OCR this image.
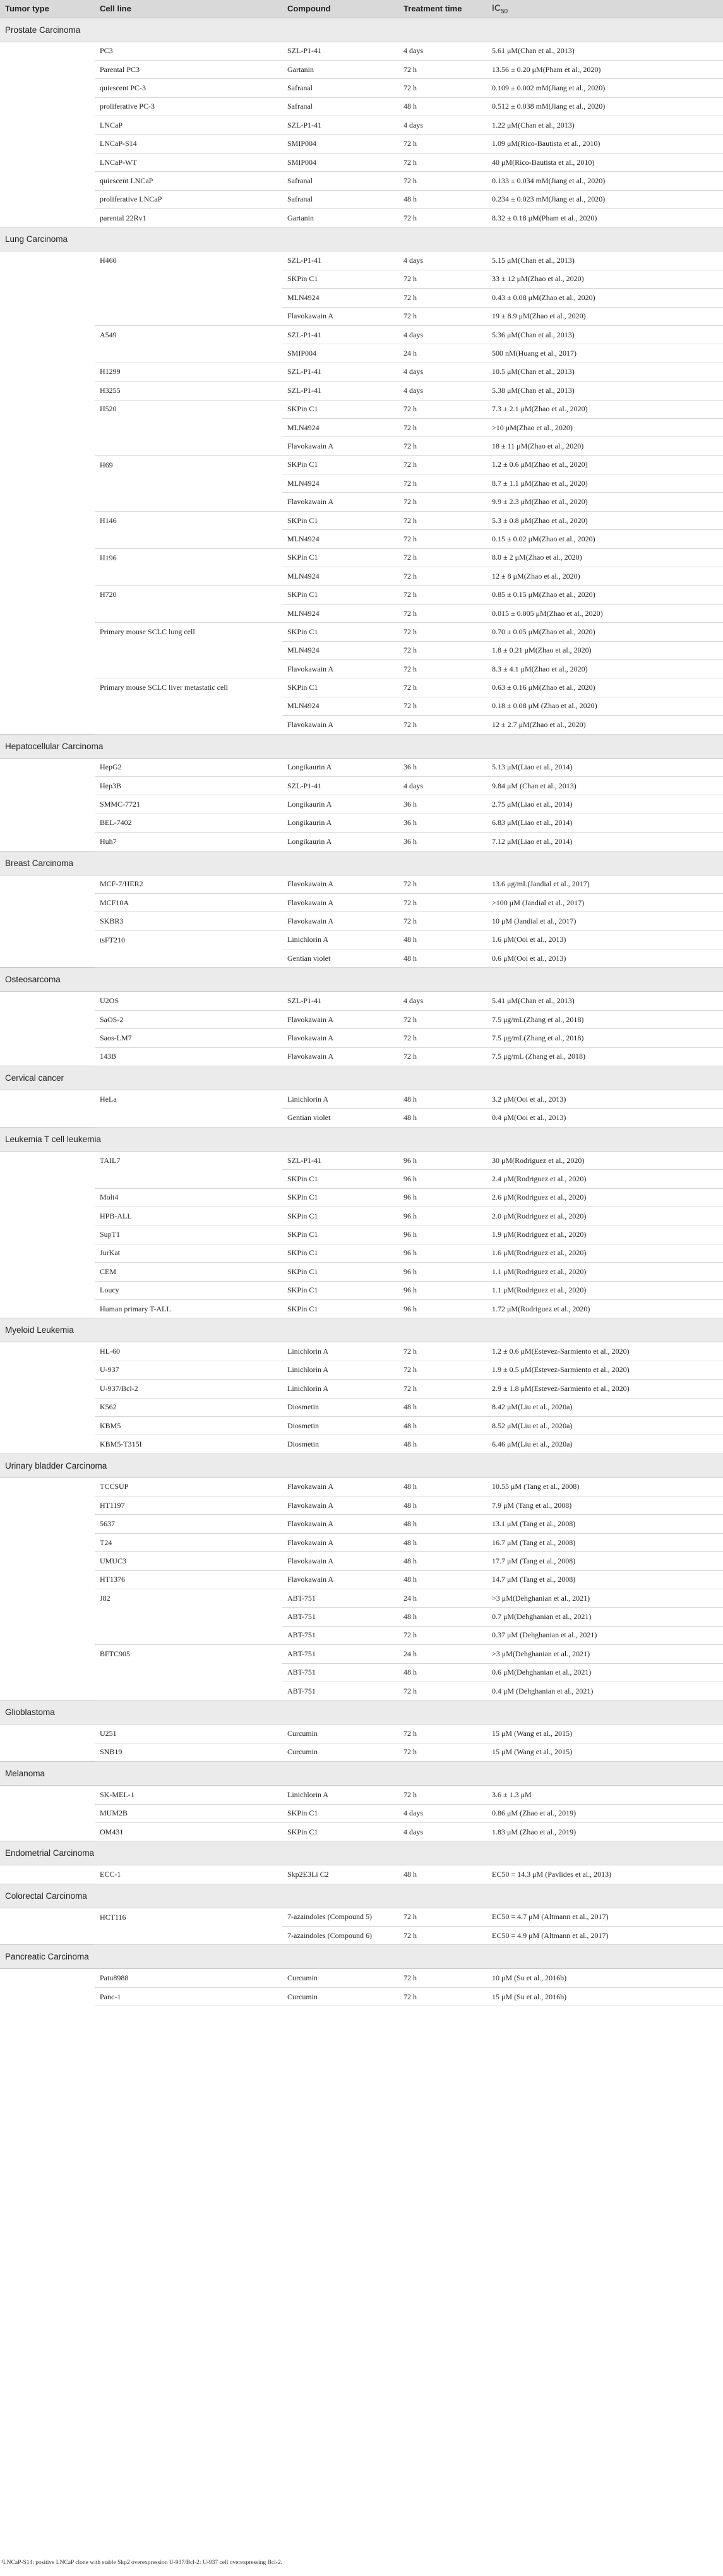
Tumor type	Cell line	Compound	Treatment time	$IC_{50}$
Prostate Carcinoma				
	PC3	SZL-P1-41	4 days	5.61 μM(Chan et al., 2013)
	Parental PC3	Gartanin	72 h	13.56 ± 0.20 μM(Pham et al., 2020)
	quiescent PC-3	Safranal	72 h	0.109 ± 0.002 mM(Jiang et al., 2020)
	proliferative PC-3	Safranal	48 h	0.512 ± 0.038 mM(Jiang et al., 2020)
	LNCaP	SZL-P1-41	4 days	1.22 μM(Chan et al., 2013)
	LNCaP-S14	SMIP004	72 h	1.09 μM(Rico-Bautista et al., 2010)
	LNCaP-WT	SMIP004	72 h	40 μM(Rico-Bautista et al., 2010)
	quiescent LNCaP	Safranal	72 h	0.133 ± 0.034 mM(Jiang et al., 2020)
	proliferative LNCaP	Safranal	48 h	0.234 ± 0.023 mM(Jiang et al., 2020)
	parental 22Rv1	Gartanin	72 h	8.32 ± 0.18 μM(Pham et al., 2020)
Lung Carcinoma				
	H460	SZL-P1-41	4 days	5.15 μM(Chan et al., 2013)
		SKPin C1	72 h	33 ± 12 μM(Zhao et al., 2020)
		MLN4924	72 h	0.43 ± 0.08 μM(Zhao et al., 2020)
		Flavokawain A	72 h	19 ± 8.9 μM(Zhao et al., 2020)
	A549	SZL-P1-41	4 days	5.36 μM(Chan et al., 2013)
		SMIP004	24 h	500 nM(Huang et al., 2017)
	H1299	SZL-P1-41	4 days	10.5 μM(Chan et al., 2013)
	H3255	SZL-P1-41	4 days	5.38 μM(Chan et al., 2013)
	H520	SKPin C1	72 h	7.3 ± 2.1 μM(Zhao et al., 2020)
		MLN4924	72 h	>10 μM(Zhao et al., 2020)
		Flavokawain A	72 h	18 ± 11 μM(Zhao et al., 2020)
	H69	SKPin C1	72 h	1.2 ± 0.6 μM(Zhao et al., 2020)
		MLN4924	72 h	8.7 ± 1.1 μM(Zhao et al., 2020)
		Flavokawain A	72 h	9.9 ± 2.3 μM(Zhao et al., 2020)
	H146	SKPin C1	72 h	5.3 ± 0.8 μM(Zhao et al., 2020)
		MLN4924	72 h	0.15 ± 0.02 μM(Zhao et al., 2020)
	H196	SKPin C1	72 h	8.0 ± 2 μM(Zhao et al., 2020)
		MLN4924	72 h	12 ± 8 μM(Zhao et al., 2020)
	H720	SKPin C1	72 h	0.85 ± 0.15 μM(Zhao et al., 2020)
		MLN4924	72 h	0.015 ± 0.005 μM(Zhao et al., 2020)
	Primary mouse SCLC lung cell	SKPin C1	72 h	0.70 ± 0.05 μM(Zhao et al., 2020)
		MLN4924	72 h	1.8 ± 0.21 μM(Zhao et al., 2020)
		Flavokawain A	72 h	8.3 ± 4.1 μM(Zhao et al., 2020)
	Primary mouse SCLC liver metastatic cell	SKPin C1	72 h	0.63 ± 0.16 μM(Zhao et al., 2020)
		MLN4924	72 h	0.18 ± 0.08 μM (Zhao et al., 2020)
		Flavokawain A	72 h	12 ± 2.7 μM(Zhao et al., 2020)
Hepatocellular Carcinoma				
	HepG2	Longikaurin A	36 h	5.13 μM(Liao et al., 2014)
	Hep3B	SZL-P1-41	4 days	9.84 μM (Chan et al., 2013)
	SMMC-7721	Longikaurin A	36 h	2.75 μM(Liao et al., 2014)
	BEL-7402	Longikaurin A	36 h	6.83 μM(Liao et al., 2014)
	Huh7	Longikaurin A	36 h	7.12 μM(Liao et al., 2014)
Breast Carcinoma				
	MCF-7/HER2	Flavokawain A	72 h	13.6 μg/mL(Jandial et al., 2017)
	MCF10A	Flavokawain A	72 h	>100 μM (Jandial et al., 2017)
	SKBR3	Flavokawain A	72 h	10 μM (Jandial et al., 2017)
	tsFT210	Linichlorin A	48 h	1.6 μM(Ooi et al., 2013)
		Gentian violet	48 h	0.6 μM(Ooi et al., 2013)
Osteosarcoma				
	U2OS	SZL-P1-41	4 days	5.41 μM(Chan et al., 2013)
	SaOS-2	Flavokawain A	72 h	7.5 μg/mL(Zhang et al., 2018)
	Saos-LM7	Flavokawain A	72 h	7.5 μg/mL(Zhang et al., 2018)
	143B	Flavokawain A	72 h	7.5 μg/mL (Zhang et al., 2018)
Cervical cancer				
	HeLa	Linichlorin A	48 h	3.2 μM(Ooi et al., 2013)
		Gentian violet	48 h	0.4 μM(Ooi et al., 2013)
Leukemia T cell leukemia				
	TAIL7	SZL-P1-41	96 h	30 μM(Rodriguez et al., 2020)
		SKPin C1	96 h	2.4 μM(Rodriguez et al., 2020)
	Molt4	SKPin C1	96 h	2.6 μM(Rodriguez et al., 2020)
	HPB-ALL	SKPin C1	96 h	2.0 μM(Rodriguez et al., 2020)
	SupT1	SKPin C1	96 h	1.9 μM(Rodriguez et al., 2020)
	JurKat	SKPin C1	96 h	1.6 μM(Rodriguez et al., 2020)
	CEM	SKPin C1	96 h	1.1 μM(Rodriguez et al., 2020)
	Loucy	SKPin C1	96 h	1.1 μM(Rodriguez et al., 2020)
	Human primary T-ALL	SKPin C1	96 h	1.72 μM(Rodriguez et al., 2020)
Myeloid Leukemia				
	HL-60	Linichlorin A	72 h	1.2 ± 0.6 μM(Estevez-Sarmiento et al., 2020)
	U-937	Linichlorin A	72 h	1.9 ± 0.5 μM(Estevez-Sarmiento et al., 2020)
	U-937/Bcl-2	Linichlorin A	72 h	2.9 ± 1.8 μM(Estevez-Sarmiento et al., 2020)
	K562	Diosmetin	48 h	8.42 μM(Liu et al., 2020a)
	KBM5	Diosmetin	48 h	8.52 μM(Liu et al., 2020a)
	KBM5-T315I	Diosmetin	48 h	6.46 μM(Liu et al., 2020a)
Urinary bladder Carcinoma				
	TCCSUP	Flavokawain A	48 h	10.55 μM (Tang et al., 2008)
	HT1197	Flavokawain A	48 h	7.9 μM (Tang et al., 2008)
	5637	Flavokawain A	48 h	13.1 μM (Tang et al., 2008)
	T24	Flavokawain A	48 h	16.7 μM (Tang et al., 2008)
	UMUC3	Flavokawain A	48 h	17.7 μM (Tang et al., 2008)
	HT1376	Flavokawain A	48 h	14.7 μM (Tang et al., 2008)
	J82	ABT-751	24 h	>3 μM(Dehghanian et al., 2021)
		ABT-751	48 h	0.7 μM(Dehghanian et al., 2021)
		ABT-751	72 h	0.37 μM (Dehghanian et al., 2021)
	BFTC905	ABT-751	24 h	>3 μM(Dehghanian et al., 2021)
		ABT-751	48 h	0.6 μM(Dehghanian et al., 2021)
		ABT-751	72 h	0.4 μM (Dehghanian et al., 2021)
Glioblastoma				
	U251	Curcumin	72 h	15 μM (Wang et al., 2015)
	SNB19	Curcumin	72 h	15 μM (Wang et al., 2015)
Melanoma				
	SK-MEL-1	Linichlorin A	72 h	3.6 ± 1.3 μM
	MUM2B	SKPin C1	4 days	0.86 μM (Zhao et al., 2019)
	OM431	SKPin C1	4 days	1.83 μM (Zhao et al., 2019)
Endometrial Carcinoma				
	ECC-1	Skp2E3Li C2	48 h	EC50 = 14.3 μM (Pavlides et al., 2013)
Colorectal Carcinoma				
	HCT116	7-azaindoles (Compound 5)	72 h	EC50 = 4.7 μM (Altmann et al., 2017)
		7-azaindoles (Compound 6)	72 h	EC50 = 4.9 μM (Altmann et al., 2017)
Pancreatic Carcinoma				
	Patu8988	Curcumin	72 h	10 μM (Su et al., 2016b)
	Panc-1	Curcumin	72 h	15 μM (Su et al., 2016b)
¹LNCaP-S14: positive LNCaP clone with stable Skp2 overexpression U-937/Bcl-2: U-937 cell overexpressing Bcl-2.
